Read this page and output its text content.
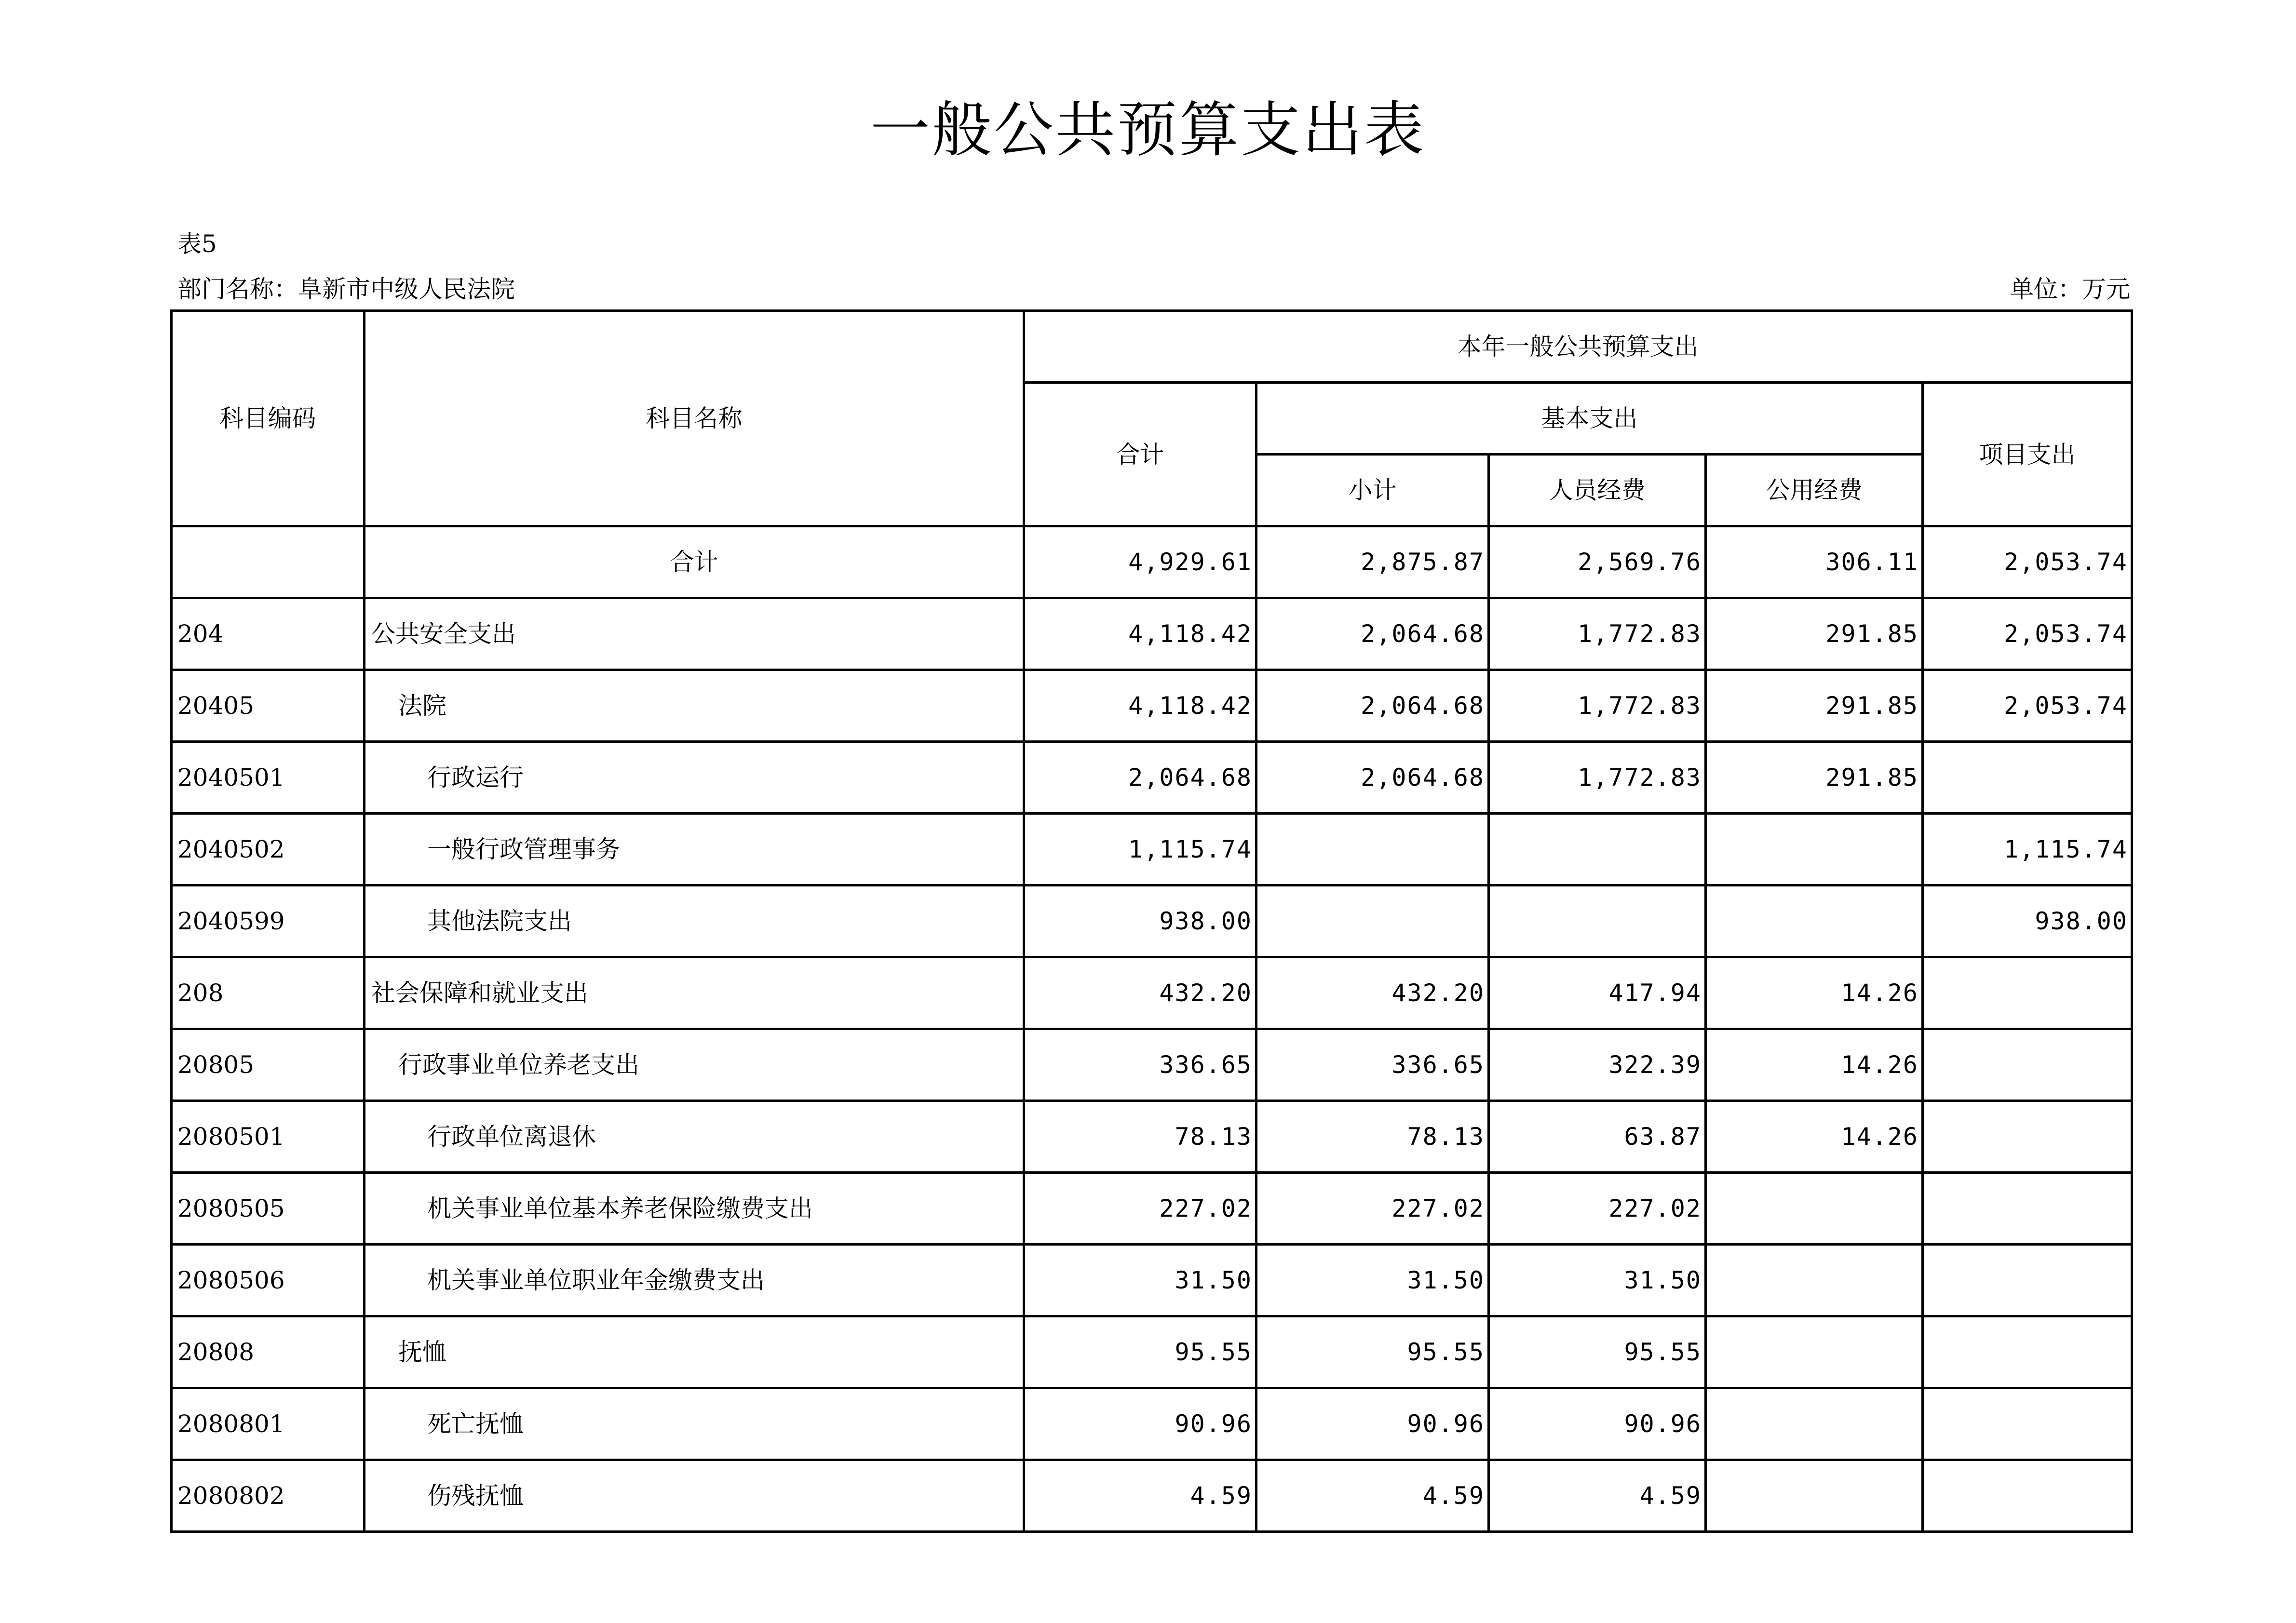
一般公共预算支出表
表5
部门名称：阜新市中级人民法院	单位：万元
科目编码	科目名称	本年一般公共预算支出				
		合计	基本支出			项目支出
			小计	人员经费	公用经费	
	合计	4,929.61	2,875.87	2,569.76	306.11	2,053.74
204	公共安全支出	4,118.42	2,064.68	1,772.83	291.85	2,053.74
20405	法院	4,118.42	2,064.68	1,772.83	291.85	2,053.74
2040501	行政运行	2,064.68	2,064.68	1,772.83	291.85	
2040502	一般行政管理事务	1,115.74				1,115.74
2040599	其他法院支出	938.00				938.00
208	社会保障和就业支出	432.20	432.20	417.94	14.26	
20805	行政事业单位养老支出	336.65	336.65	322.39	14.26	
2080501	行政单位离退休	78.13	78.13	63.87	14.26	
2080505	机关事业单位基本养老保险缴费支出	227.02	227.02	227.02		
2080506	机关事业单位职业年金缴费支出	31.50	31.50	31.50		
20808	抚恤	95.55	95.55	95.55		
2080801	死亡抚恤	90.96	90.96	90.96		
2080802	伤残抚恤	4.59	4.59	4.59		
